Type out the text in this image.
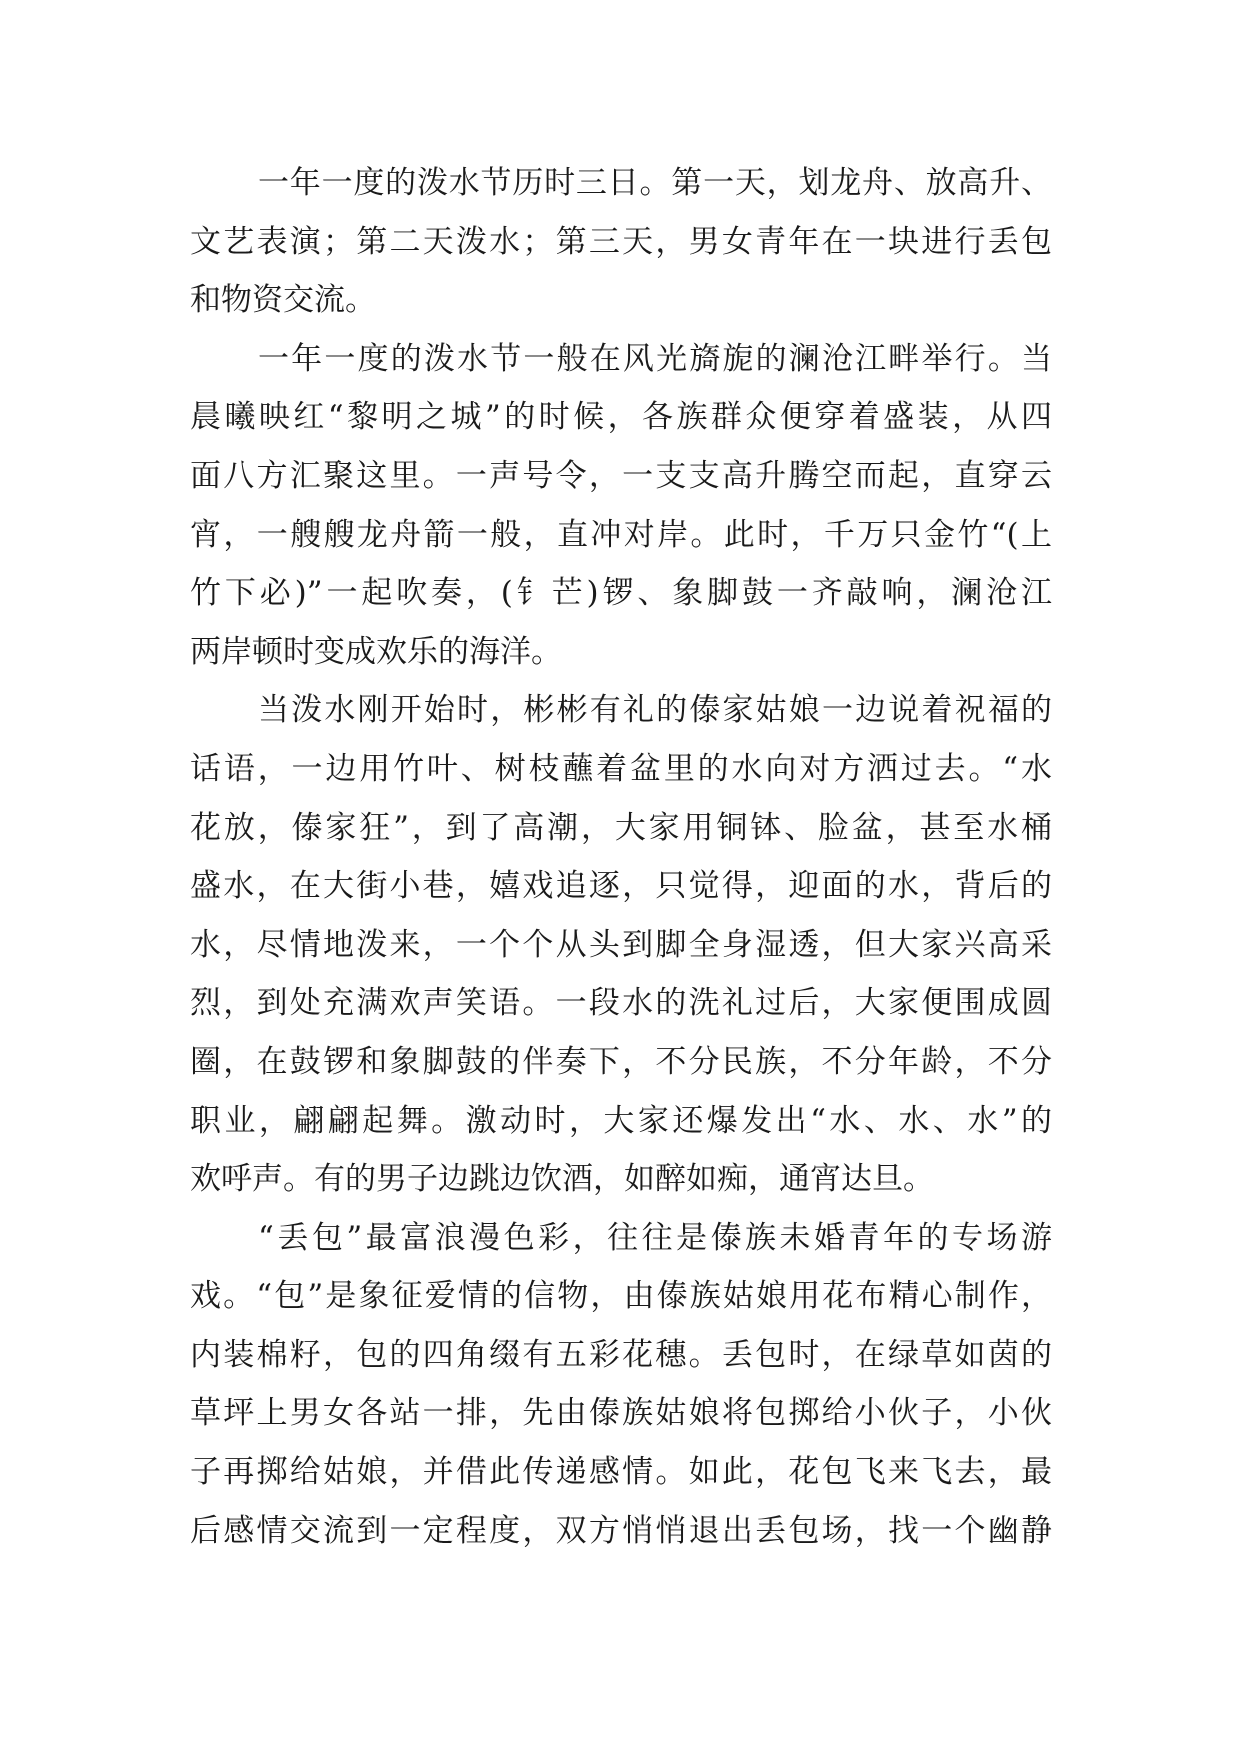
一年一度的泼水节历时三日。第一天，划龙舟、放高升、
文艺表演；第二天泼水；第三天，男女青年在一块进行丢包
和物资交流。
一年一度的泼水节一般在风光旖旎的澜沧江畔举行。当
晨曦映红“黎明之城”的时候，各族群众便穿着盛装，从四
面八方汇聚这里。一声号令，一支支高升腾空而起，直穿云
宵，一艘艘龙舟箭一般，直冲对岸。此时，千万只金竹“(上
竹下必)”一起吹奏，(钅芒)锣、象脚鼓一齐敲响，澜沧江
两岸顿时变成欢乐的海洋。
当泼水刚开始时，彬彬有礼的傣家姑娘一边说着祝福的
话语，一边用竹叶、树枝蘸着盆里的水向对方洒过去。“水
花放，傣家狂”，到了高潮，大家用铜钵、脸盆，甚至水桶
盛水，在大街小巷，嬉戏追逐，只觉得，迎面的水，背后的
水，尽情地泼来，一个个从头到脚全身湿透，但大家兴高采
烈，到处充满欢声笑语。一段水的洗礼过后，大家便围成圆
圈，在鼓锣和象脚鼓的伴奏下，不分民族，不分年龄，不分
职业，翩翩起舞。激动时，大家还爆发出“水、水、水”的
欢呼声。有的男子边跳边饮酒，如醉如痴，通宵达旦。
“丢包”最富浪漫色彩，往往是傣族未婚青年的专场游
戏。“包”是象征爱情的信物，由傣族姑娘用花布精心制作，
内装棉籽，包的四角缀有五彩花穗。丢包时，在绿草如茵的
草坪上男女各站一排，先由傣族姑娘将包掷给小伙子，小伙
子再掷给姑娘，并借此传递感情。如此，花包飞来飞去，最
后感情交流到一定程度，双方悄悄退出丢包场，找一个幽静
